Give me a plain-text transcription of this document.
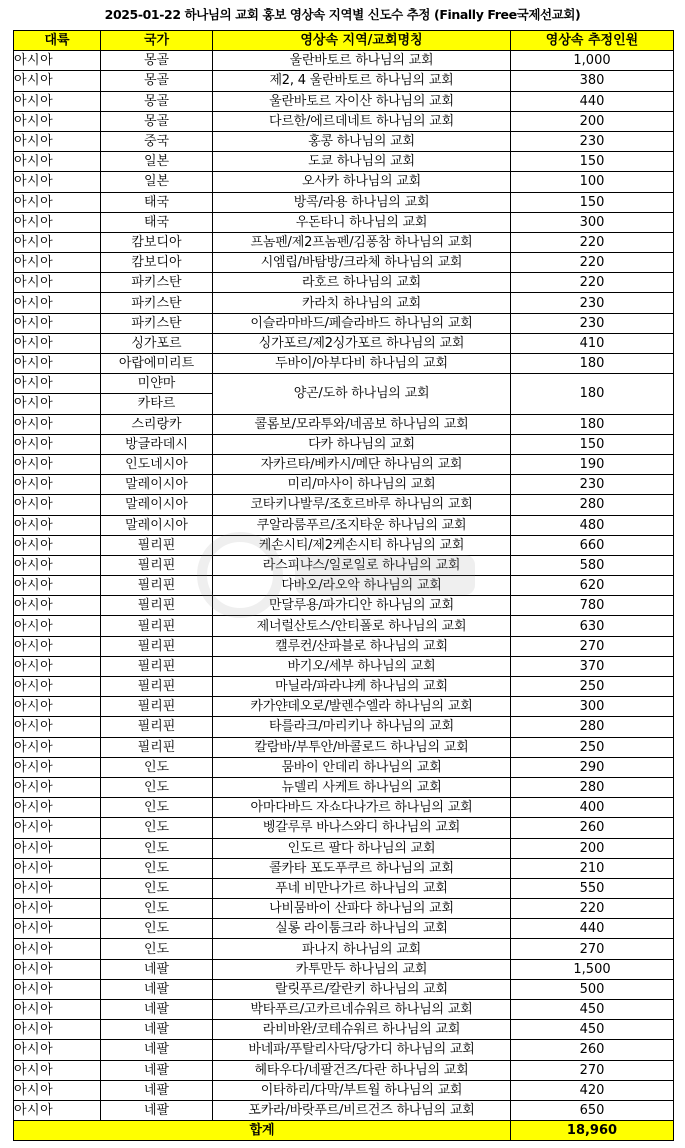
2025-01-22 하나님의 교회 홍보 영상속 지역별 신도수 추정 (Finally Free국제선교회)
대륙	국가	영상속 지역/교회명칭	영상속 추정인원
아시아	몽골	울란바토르 하나님의 교회	1,000
아시아	몽골	제2, 4 울란바토르 하나님의 교회	380
아시아	몽골	울란바토르 자이산 하나님의 교회	440
아시아	몽골	다르한/에르데네트 하나님의 교회	200
아시아	중국	홍콩 하나님의 교회	230
아시아	일본	도쿄 하나님의 교회	150
아시아	일본	오사카 하나님의 교회	100
아시아	태국	방콕/라용 하나님의 교회	150
아시아	태국	우돈타니 하나님의 교회	300
아시아	캄보디아	프놈펜/제2프놈펜/김퐁참 하나님의 교회	220
아시아	캄보디아	시엠립/바탐방/크라체 하나님의 교회	220
아시아	파키스탄	라호르 하나님의 교회	220
아시아	파키스탄	카라치 하나님의 교회	230
아시아	파키스탄	이슬라마바드/페슬라바드 하나님의 교회	230
아시아	싱가포르	싱가포르/제2싱가포르 하나님의 교회	410
아시아	아랍에미리트	두바이/아부다비 하나님의 교회	180
아시아	미얀마	양곤/도하 하나님의 교회	180
아시아	카타르		
아시아	스리랑카	콜롬보/모라투와/네곰보 하나님의 교회	180
아시아	방글라데시	다카 하나님의 교회	150
아시아	인도네시아	자카르타/베카시/메단 하나님의 교회	190
아시아	말레이시아	미리/마사이 하나님의 교회	230
아시아	말레이시아	코타키나발루/조호르바루 하나님의 교회	280
아시아	말레이시아	쿠알라룸푸르/조지타운 하나님의 교회	480
아시아	필리핀	케손시티/제2케손시티 하나님의 교회	660
아시아	필리핀	라스피냐스/일로일로 하나님의 교회	580
아시아	필리핀	다바오/라오악 하나님의 교회	620
아시아	필리핀	만달루용/파가디안 하나님의 교회	780
아시아	필리핀	제너럴산토스/안티폴로 하나님의 교회	630
아시아	필리핀	캘루컨/산파블로 하나님의 교회	270
아시아	필리핀	바기오/세부 하나님의 교회	370
아시아	필리핀	마닐라/파라냐케 하나님의 교회	250
아시아	필리핀	카가얀데오로/발렌수엘라 하나님의 교회	300
아시아	필리핀	타를라크/마리키나 하나님의 교회	280
아시아	필리핀	칼람바/부투안/바콜로드 하나님의 교회	250
아시아	인도	뭄바이 안데리 하나님의 교회	290
아시아	인도	뉴델리 사케트 하나님의 교회	280
아시아	인도	아마다바드 자쇼다나가르 하나님의 교회	400
아시아	인도	벵갈루루 바나스와디 하나님의 교회	260
아시아	인도	인도르 팔다 하나님의 교회	200
아시아	인도	콜카타 포도푸쿠르 하나님의 교회	210
아시아	인도	푸네 비만나가르 하나님의 교회	550
아시아	인도	나비뭄바이 산파다 하나님의 교회	220
아시아	인도	실롱 라이툼크라 하나님의 교회	440
아시아	인도	파나지 하나님의 교회	270
아시아	네팔	카투만두 하나님의 교회	1,500
아시아	네팔	랄릿푸르/칼란키 하나님의 교회	500
아시아	네팔	박타푸르/고카르네슈워르 하나님의 교회	450
아시아	네팔	라비바완/코테슈워르 하나님의 교회	450
아시아	네팔	바네파/푸탈리사닥/당가디 하나님의 교회	260
아시아	네팔	헤타우다/네팔건즈/다란 하나님의 교회	270
아시아	네팔	이타하리/다막/부트월 하나님의 교회	420
아시아	네팔	포카라/바랏푸르/비르건즈 하나님의 교회	650
합계			18,960
